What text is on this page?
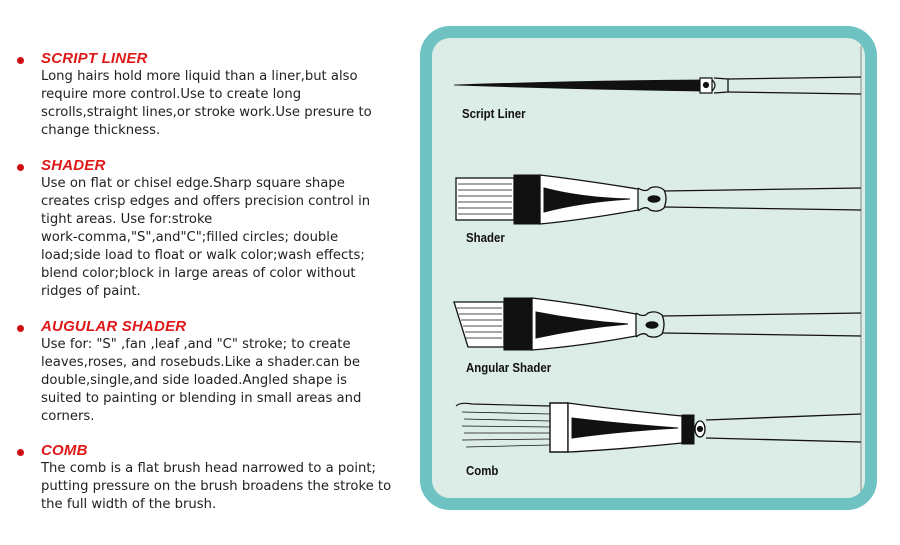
SCRIPT LINER
Long hairs hold more liquid than a liner,but also
require more control.Use to create long
scrolls,straight lines,or stroke work.Use presure to
change thickness.
SHADER
Use on flat or chisel edge.Sharp square shape
creates crisp edges and offers precision control in
tight areas. Use for:stroke
work-comma,"S",and"C";filled circles; double
load;side load to float or walk color;wash effects;
blend color;block in large areas of color without
ridges of paint.
AUGULAR SHADER
Use for: "S" ,fan ,leaf ,and "C" stroke; to create
leaves,roses, and rosebuds.Like a shader.can be
double,single,and side loaded.Angled shape is
suited to painting or blending in small areas and
corners.
COMB
The comb is a flat brush head narrowed to a point;
putting pressure on the brush broadens the stroke to
the full width of the brush.
Script Liner
Shader
Angular Shader
Comb
